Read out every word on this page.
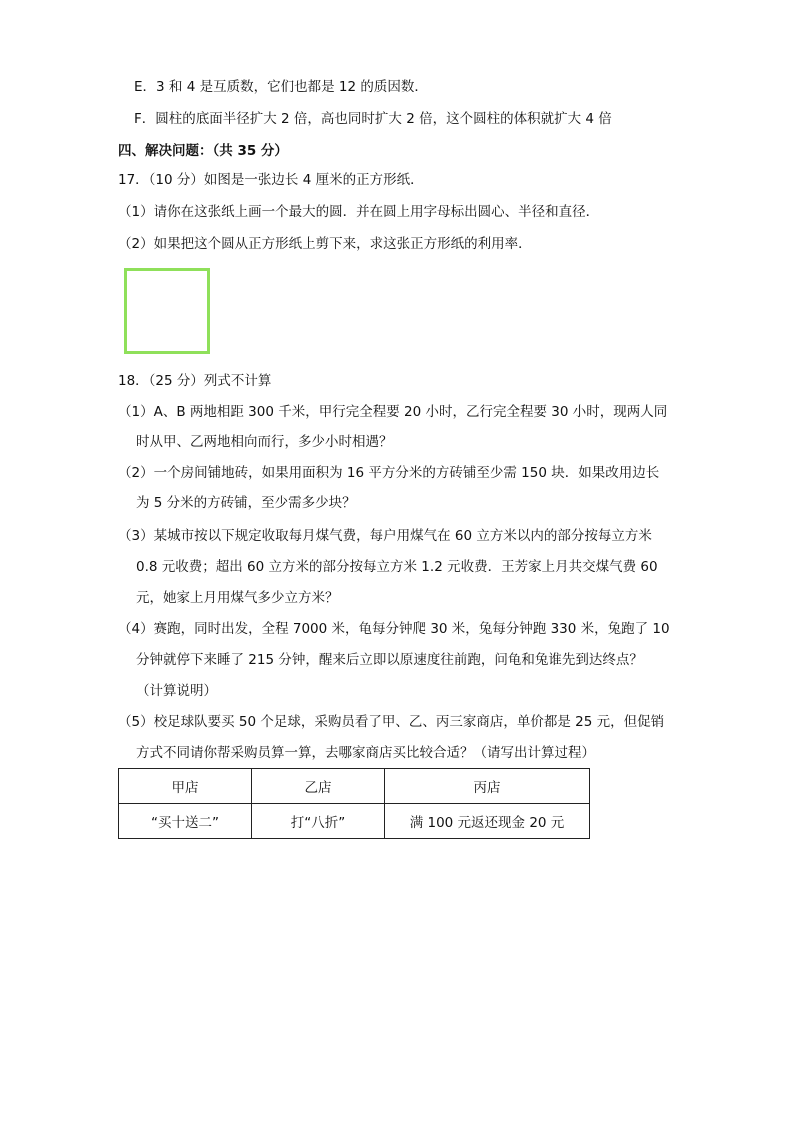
E．3 和 4 是互质数，它们也都是 12 的质因数．
F．圆柱的底面半径扩大 2 倍，高也同时扩大 2 倍，这个圆柱的体积就扩大 4 倍
四、解决问题：（共 35 分）
17．（10 分）如图是一张边长 4 厘米的正方形纸．
（1）请你在这张纸上画一个最大的圆．并在圆上用字母标出圆心、半径和直径．
（2）如果把这个圆从正方形纸上剪下来，求这张正方形纸的利用率．
18．（25 分）列式不计算
（1）A、B 两地相距 300 千米，甲行完全程要 20 小时，乙行完全程要 30 小时，现两人同
时从甲、乙两地相向而行，多少小时相遇？
（2）一个房间铺地砖，如果用面积为 16 平方分米的方砖铺至少需 150 块．如果改用边长
为 5 分米的方砖铺，至少需多少块？
（3）某城市按以下规定收取每月煤气费，每户用煤气在 60 立方米以内的部分按每立方米
0.8 元收费；超出 60 立方米的部分按每立方米 1.2 元收费．王芳家上月共交煤气费 60
元，她家上月用煤气多少立方米？
（4）赛跑，同时出发，全程 7000 米，龟每分钟爬 30 米，兔每分钟跑 330 米，兔跑了 10
分钟就停下来睡了 215 分钟，醒来后立即以原速度往前跑，问龟和兔谁先到达终点？
（计算说明）
（5）校足球队要买 50 个足球，采购员看了甲、乙、丙三家商店，单价都是 25 元，但促销
方式不同请你帮采购员算一算，去哪家商店买比较合适？（请写出计算过程）
甲店	乙店	丙店
“买十送二”	打“八折”	满 100 元返还现金 20 元
